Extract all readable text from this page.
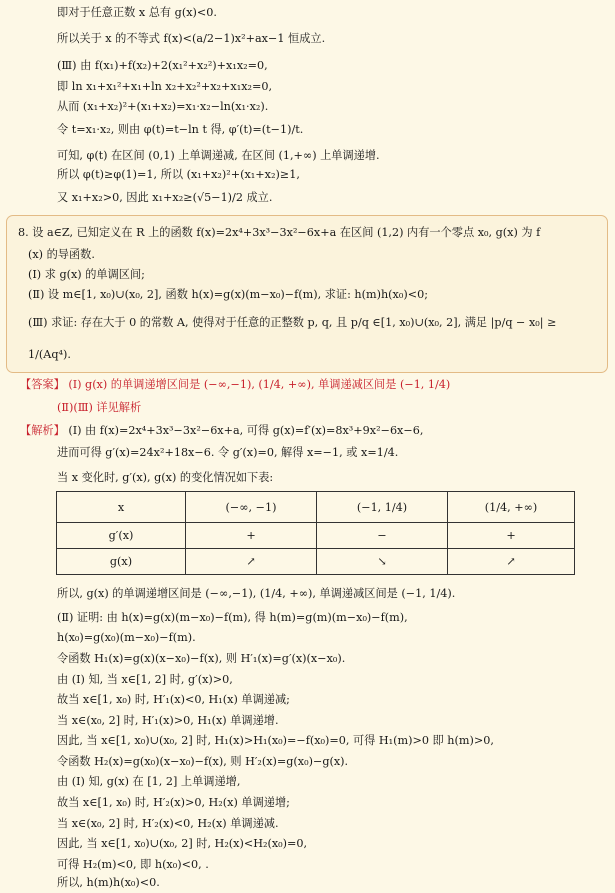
即对于任意正数 x 总有 g(x)<0.
所以关于 x 的不等式 f(x)<(a/2−1)x²+ax−1 恒成立.
(Ⅲ) 由 f(x₁)+f(x₂)+2(x₁²+x₂²)+x₁x₂=0,
即 ln x₁+x₁²+x₁+ln x₂+x₂²+x₂+x₁x₂=0,
从而 (x₁+x₂)²+(x₁+x₂)=x₁·x₂−ln(x₁·x₂).
令 t=x₁·x₂, 则由 φ(t)=t−ln t 得, φ′(t)=(t−1)/t.
可知, φ(t) 在区间 (0,1) 上单调递减, 在区间 (1,+∞) 上单调递增.
所以 φ(t)≥φ(1)=1, 所以 (x₁+x₂)²+(x₁+x₂)≥1,
又 x₁+x₂>0, 因此 x₁+x₂≥(√5−1)/2 成立.
8. 设 a∈Z, 已知定义在 R 上的函数 f(x)=2x⁴+3x³−3x²−6x+a 在区间 (1,2) 内有一个零点 x₀, g(x) 为 f
(x) 的导函数.
(Ⅰ) 求 g(x) 的单调区间;
(Ⅱ) 设 m∈[1, x₀)∪(x₀, 2], 函数 h(x)=g(x)(m−x₀)−f(m), 求证: h(m)h(x₀)<0;
(Ⅲ) 求证: 存在大于 0 的常数 A, 使得对于任意的正整数 p, q, 且 p/q ∈[1, x₀)∪(x₀, 2], 满足 |p/q − x₀| ≥
1/(Aq⁴).
【答案】 (Ⅰ) g(x) 的单调递增区间是 (−∞,−1), (1/4, +∞), 单调递减区间是 (−1, 1/4)
(Ⅱ)(Ⅲ) 详见解析
【解析】 (Ⅰ) 由 f(x)=2x⁴+3x³−3x²−6x+a, 可得 g(x)=f′(x)=8x³+9x²−6x−6,
进而可得 g′(x)=24x²+18x−6. 令 g′(x)=0, 解得 x=−1, 或 x=1/4.
当 x 变化时, g′(x), g(x) 的变化情况如下表:
x	(−∞, −1)	(−1, 1/4)	(1/4, +∞)
g′(x)	+	−	+
g(x)	↗	↘	↗
所以, g(x) 的单调递增区间是 (−∞,−1), (1/4, +∞), 单调递减区间是 (−1, 1/4).
(Ⅱ) 证明: 由 h(x)=g(x)(m−x₀)−f(m), 得 h(m)=g(m)(m−x₀)−f(m),
h(x₀)=g(x₀)(m−x₀)−f(m).
令函数 H₁(x)=g(x)(x−x₀)−f(x), 则 H′₁(x)=g′(x)(x−x₀).
由 (Ⅰ) 知, 当 x∈[1, 2] 时, g′(x)>0,
故当 x∈[1, x₀) 时, H′₁(x)<0, H₁(x) 单调递减;
当 x∈(x₀, 2] 时, H′₁(x)>0, H₁(x) 单调递增.
因此, 当 x∈[1, x₀)∪(x₀, 2] 时, H₁(x)>H₁(x₀)=−f(x₀)=0, 可得 H₁(m)>0 即 h(m)>0,
令函数 H₂(x)=g(x₀)(x−x₀)−f(x), 则 H′₂(x)=g(x₀)−g(x).
由 (Ⅰ) 知, g(x) 在 [1, 2] 上单调递增,
故当 x∈[1, x₀) 时, H′₂(x)>0, H₂(x) 单调递增;
当 x∈(x₀, 2] 时, H′₂(x)<0, H₂(x) 单调递减.
因此, 当 x∈[1, x₀)∪(x₀, 2] 时, H₂(x)<H₂(x₀)=0,
可得 H₂(m)<0, 即 h(x₀)<0, .
所以, h(m)h(x₀)<0.
